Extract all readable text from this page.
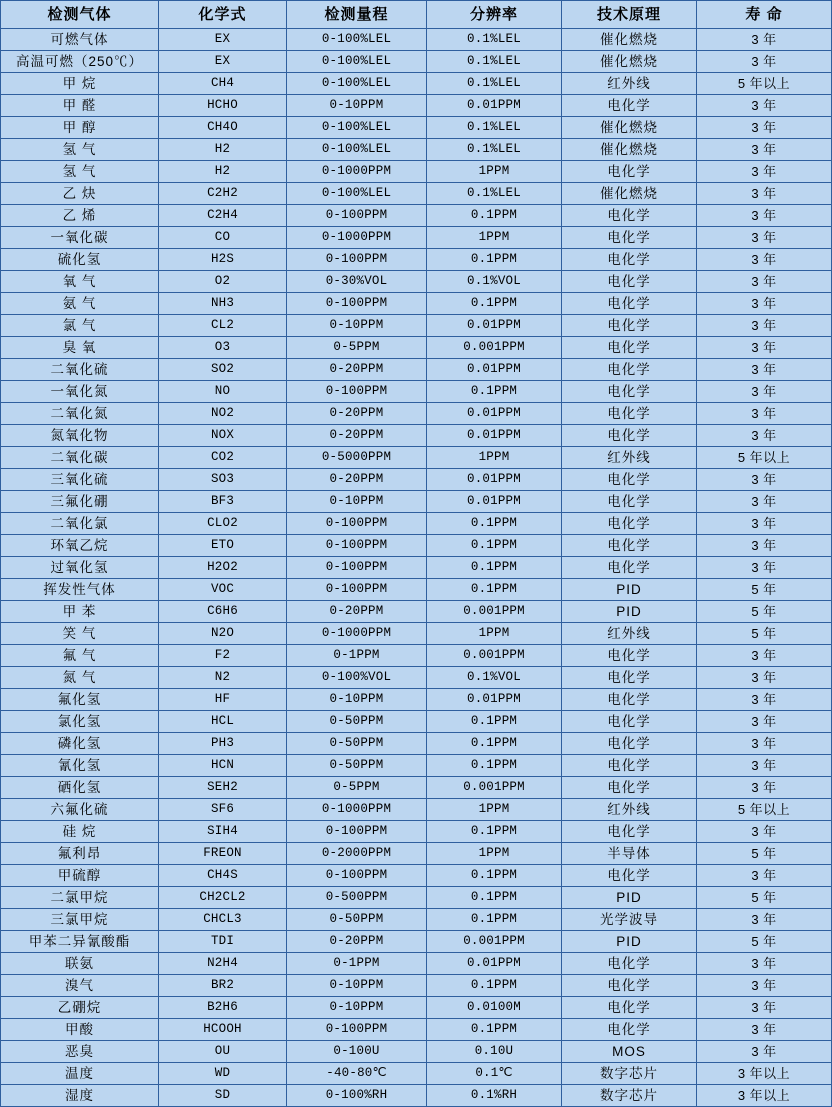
检测气体	化学式	检测量程	分辨率	技术原理	寿 命
可燃气体	EX	0-100%LEL	0.1%LEL	催化燃烧	3 年
高温可燃（250℃）	EX	0-100%LEL	0.1%LEL	催化燃烧	3 年
甲 烷	CH4	0-100%LEL	0.1%LEL	红外线	5 年以上
甲 醛	HCHO	0-10PPM	0.01PPM	电化学	3 年
甲 醇	CH4O	0-100%LEL	0.1%LEL	催化燃烧	3 年
氢 气	H2	0-100%LEL	0.1%LEL	催化燃烧	3 年
氢 气	H2	0-1000PPM	1PPM	电化学	3 年
乙 炔	C2H2	0-100%LEL	0.1%LEL	催化燃烧	3 年
乙 烯	C2H4	0-100PPM	0.1PPM	电化学	3 年
一氧化碳	CO	0-1000PPM	1PPM	电化学	3 年
硫化氢	H2S	0-100PPM	0.1PPM	电化学	3 年
氧 气	O2	0-30%VOL	0.1%VOL	电化学	3 年
氨 气	NH3	0-100PPM	0.1PPM	电化学	3 年
氯 气	CL2	0-10PPM	0.01PPM	电化学	3 年
臭 氧	O3	0-5PPM	0.001PPM	电化学	3 年
二氧化硫	SO2	0-20PPM	0.01PPM	电化学	3 年
一氧化氮	NO	0-100PPM	0.1PPM	电化学	3 年
二氧化氮	NO2	0-20PPM	0.01PPM	电化学	3 年
氮氧化物	NOX	0-20PPM	0.01PPM	电化学	3 年
二氧化碳	CO2	0-5000PPM	1PPM	红外线	5 年以上
三氧化硫	SO3	0-20PPM	0.01PPM	电化学	3 年
三氟化硼	BF3	0-10PPM	0.01PPM	电化学	3 年
二氧化氯	CLO2	0-100PPM	0.1PPM	电化学	3 年
环氧乙烷	ETO	0-100PPM	0.1PPM	电化学	3 年
过氧化氢	H2O2	0-100PPM	0.1PPM	电化学	3 年
挥发性气体	VOC	0-100PPM	0.1PPM	PID	5 年
甲 苯	C6H6	0-20PPM	0.001PPM	PID	5 年
笑 气	N2O	0-1000PPM	1PPM	红外线	5 年
氟 气	F2	0-1PPM	0.001PPM	电化学	3 年
氮 气	N2	0-100%VOL	0.1%VOL	电化学	3 年
氟化氢	HF	0-10PPM	0.01PPM	电化学	3 年
氯化氢	HCL	0-50PPM	0.1PPM	电化学	3 年
磷化氢	PH3	0-50PPM	0.1PPM	电化学	3 年
氰化氢	HCN	0-50PPM	0.1PPM	电化学	3 年
硒化氢	SEH2	0-5PPM	0.001PPM	电化学	3 年
六氟化硫	SF6	0-1000PPM	1PPM	红外线	5 年以上
硅 烷	SIH4	0-100PPM	0.1PPM	电化学	3 年
氟利昂	FREON	0-2000PPM	1PPM	半导体	5 年
甲硫醇	CH4S	0-100PPM	0.1PPM	电化学	3 年
二氯甲烷	CH2CL2	0-500PPM	0.1PPM	PID	5 年
三氯甲烷	CHCL3	0-50PPM	0.1PPM	光学波导	3 年
甲苯二异氰酸酯	TDI	0-20PPM	0.001PPM	PID	5 年
联氨	N2H4	0-1PPM	0.01PPM	电化学	3 年
溴气	BR2	0-10PPM	0.1PPM	电化学	3 年
乙硼烷	B2H6	0-10PPM	0.0100M	电化学	3 年
甲酸	HCOOH	0-100PPM	0.1PPM	电化学	3 年
恶臭	OU	0-100U	0.10U	MOS	3 年
温度	WD	-40-80℃	0.1℃	数字芯片	3 年以上
湿度	SD	0-100%RH	0.1%RH	数字芯片	3 年以上
